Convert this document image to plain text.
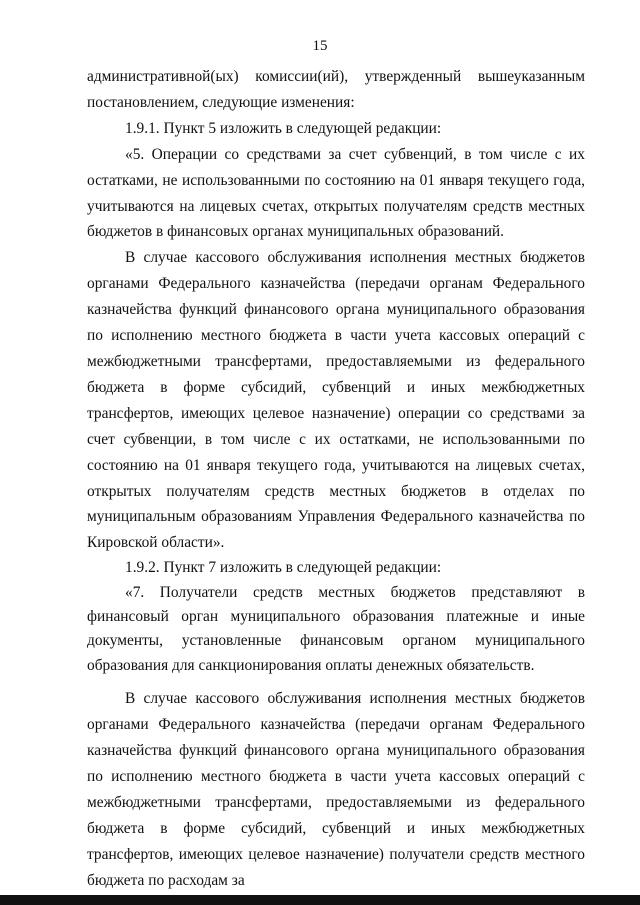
15

административной(ых) комиссии(ий), утвержденный вышеуказанным постановлением, следующие изменения:

1.9.1. Пункт 5 изложить в следующей редакции:

«5. Операции со средствами за счет субвенций, в том числе с их остатками, не использованными по состоянию на 01 января текущего года, учитываются на лицевых счетах, открытых получателям средств местных бюджетов в финансовых органах муниципальных образований.

В случае кассового обслуживания исполнения местных бюджетов органами Федерального казначейства (передачи органам Федерального казначейства функций финансового органа муниципального образования по исполнению местного бюджета в части учета кассовых операций с межбюджетными трансфертами, предоставляемыми из федерального бюджета в форме субсидий, субвенций и иных межбюджетных трансфертов, имеющих целевое назначение) операции со средствами за счет субвенции, в том числе с их остатками, не использованными по состоянию на 01 января текущего года, учитываются на лицевых счетах, открытых получателям средств местных бюджетов в отделах по муниципальным образованиям Управления Федерального казначейства по Кировской области».

1.9.2. Пункт 7 изложить в следующей редакции:

«7. Получатели средств местных бюджетов представляют в финансовый орган муниципального образования платежные и иные документы, установленные финансовым органом муниципального образования для санкционирования оплаты денежных обязательств.

В случае кассового обслуживания исполнения местных бюджетов органами Федерального казначейства (передачи органам Федерального казначейства функций финансового органа муниципального образования по исполнению местного бюджета в части учета кассовых операций с межбюджетными трансфертами, предоставляемыми из федерального бюджета в форме субсидий, субвенций и иных межбюджетных трансфертов, имеющих целевое назначение) получатели средств местного бюджета по расходам за
